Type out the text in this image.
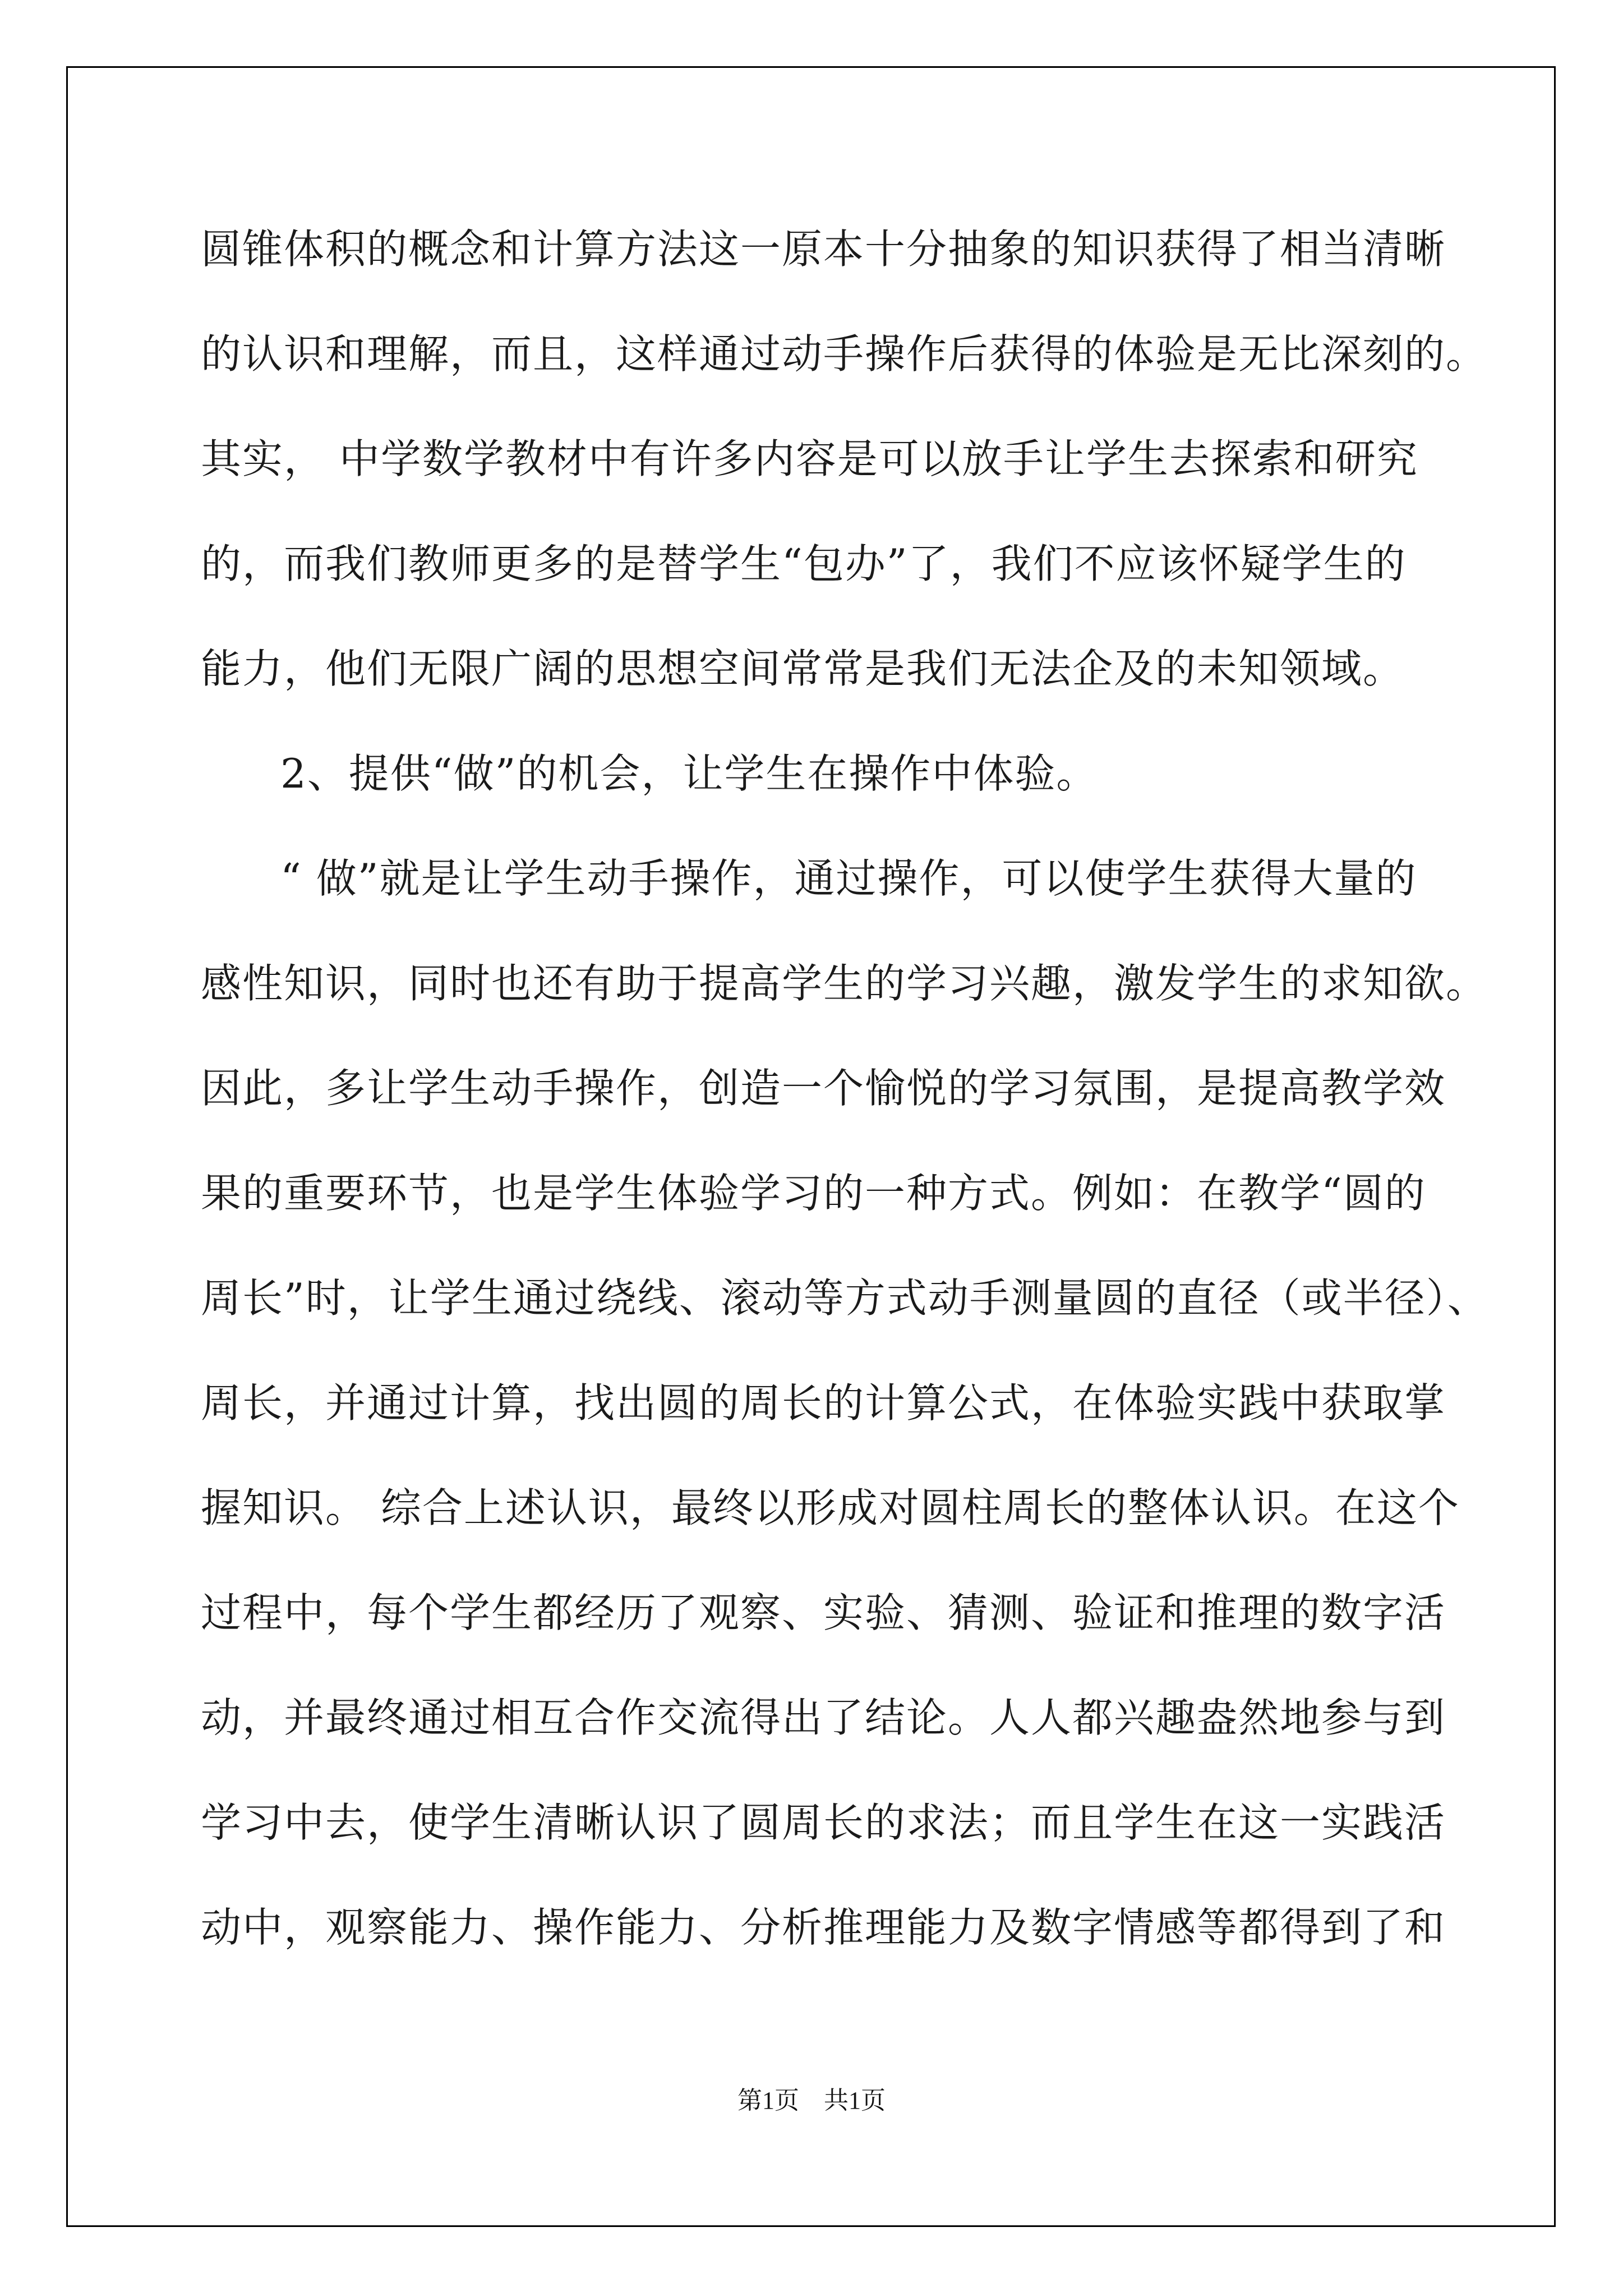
圆锥体积的概念和计算方法这一原本十分抽象的知识获得了相当清晰
的认识和理解，而且，这样通过动手操作后获得的体验是无比深刻的。
其实， 中学数学教材中有许多内容是可以放手让学生去探索和研究
的，而我们教师更多的是替学生“包办”了，我们不应该怀疑学生的
能力，他们无限广阔的思想空间常常是我们无法企及的未知领域。
2、提供“做”的机会，让学生在操作中体验。
“ 做”就是让学生动手操作，通过操作，可以使学生获得大量的
感性知识，同时也还有助于提高学生的学习兴趣，激发学生的求知欲。
因此，多让学生动手操作，创造一个愉悦的学习氛围，是提高教学效
果的重要环节，也是学生体验学习的一种方式。例如：在教学“圆的
周长”时，让学生通过绕线、滚动等方式动手测量圆的直径（或半径）、
周长，并通过计算，找出圆的周长的计算公式，在体验实践中获取掌
握知识。 综合上述认识，最终以形成对圆柱周长的整体认识。在这个
过程中，每个学生都经历了观察、实验、猜测、验证和推理的数字活
动，并最终通过相互合作交流得出了结论。人人都兴趣盎然地参与到
学习中去，使学生清晰认识了圆周长的求法；而且学生在这一实践活
动中，观察能力、操作能力、分析推理能力及数字情感等都得到了和
第1页　共1页
